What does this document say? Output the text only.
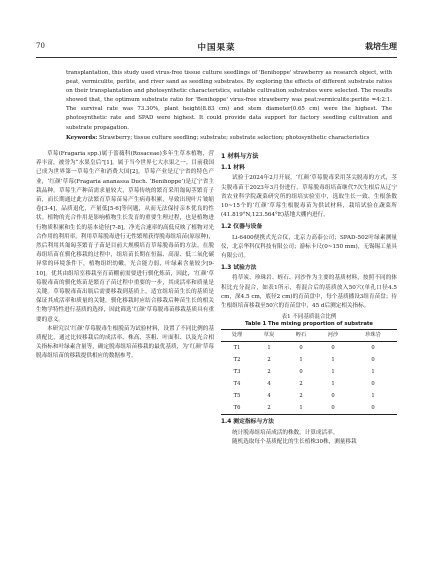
70	中国果菜	栽培生理

transplantation, this study used virus-free tissue culture seedlings of 'Benihoppe' strawberry as research object, with peat, vermiculite, perlite, and river sand as seedling substrates. By exploring the effects of different substrate ratios on their transplantation and photosynthetic characteristics, suitable cultivation substrates were selected. The results showed that, the optimum substrate ratio for 'Benihoppe' virus-free strawberry was peat:vermiculite:perlite =4:2:1. The survival rate was 73.30%, plant height(8.83 cm) and stem diameter(0.65 cm) were the highest. The photosynthetic rate and SPAD were highest. It could provide data support for factory seedling cultivation and substrate propagation.

Keywords: Strawberry; tissue culture seedling; substrate; substrate selection; photosynthetic characteristics

草莓(Fragaria spp.)属于蔷薇科(Rosaceae)多年生草本植物，营养丰富，被誉为“水果皇后”[1]，属于当今世界七大水果之一。目前我国已成为世界第一草莓生产和消费大国[2]。草莓产业是辽宁省的特色产业，‘红颜’草莓(Fragaria ananassa Duch. ‘Benihoppe’)是辽宁省主栽品种。草莓生产种苗需求量较大，草莓传统的繁育采用匍匐茎繁育子苗，而长期通过此方法繁育草莓苗易产生病毒积累，导致出现叶片皱缩卷[3-4]，品质退化，产量低[5-6]等问题，从而无法保持亲本优良的性状。植物的光合作用是影响植物生长发育的重要生理过程，也是植物进行物质积累和生长的基本途径[7-8]。净光合速率的高低反映了植物对光合作用的利用率。利用草莓脱毒进行无性繁殖获得脱毒组培苗(原原种)，然后利用其匍匐茎繁育子苗是目前大规模培育草莓脱毒苗的方法。在脱毒组培苗在驯化移栽的过程中，组培苗长期在恒温、高湿、低二氧化碳异常的环境条件下，植物组织幼嫩，光合能力弱，叶绿素含量较少[9-10]。优其由组培室移栽至育苗棚前需要进行驯化炼苗，因此，‘红颜’草莓脱毒苗的驯化炼苗是繁育子苗过程中重要的一步，其成活率和质量是关键。草莓脱毒苗出瓶后需要移栽到基质上，适宜组培苗生长的基质是保证其成活率和质量的关键，驯化移栽时应结合移栽后种苗生长的相关生物学特性进行基质的选择，因此筛选‘红颜’草莓脱毒苗移栽基质具有重要的意义。

本研究以‘红颜’草莓脱毒生根脱苗为试验材料，设置了不同比例的基质配比，通过比较移栽后的成活率、株高、茎粗、叶面积、以及光合相关指标和叶绿素含量等，确定脱毒组培苗移栽的最优基质，为‘红颜’草莓脱毒组培苗的移栽提供相应的数据参考。

1 材料与方法
1.1 材料

试验于2024年2月开展，‘红颜’草莓脱毒采用茎尖脱毒的方式，茎尖脱毒苗于2023年3月份进行，草莓脱毒组培苗继代7次生根后从辽宁省农业科学院蔬菜研究所的组培实验室中，选取生长一致、生根条数10~15个的‘红颜’草莓生根脱毒苗为供试材料，栽培试验在蔬菜所(41.819°N,123.564°E)基地大棚内进行。

1.2 仪器与设备

Li-6400便携式光合仪，北京力高泰公司；SPAD-502叶绿素测量仪，北京华科仪科技有限公司；游标卡尺(0~150 mm)，无锡锡工量具有限公司。

1.3 试验方法

将草炭、珍珠岩、蛭石、河沙作为主要的基质材料，按照不同的体积比充分混合，如表1所示，将混合后的基质放入50穴(单孔口径4.5 cm，深4.5 cm，底径2 cm)的育苗盘中，每个基质播设3组育苗盘；待生根组培苗移栽至50穴的育苗盘中，45 d后测定相关指标。

表1 不同基质混合比例
Table 1 The mixing proportion of substrate
处理	草炭	蛭石	河沙	珍珠岩
T1	1	0	0	0
T2	2	1	1	0
T3	2	0	1	1
T4	4	2	1	0
T5	4	2	0	1
T6	2	1	0	0
1.4 测定指标与方法

统计脱毒组培苗成活的株数，计算成活率。

随机选取每个基质配比的生长植株30株，测量移栽
